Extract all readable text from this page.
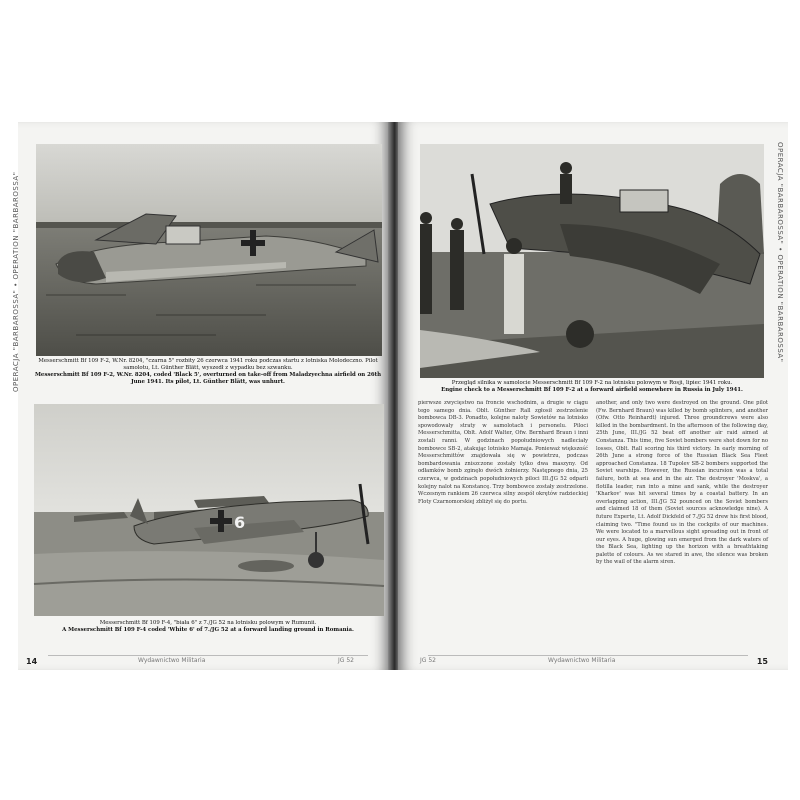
OPERACJA "BARBAROSSA" • OPERATION "BARBAROSSA"	Messerschmitt Bf 109 F-2, W.Nr. 8204, "czarna 5" rozbity 26 czerwca 1941 roku podczas startu z lotniska Molodeczno. Pilot samolotu, Lt. Günther Blätt, wyszedł z wypadku bez szwanku.
Messerschmitt Bf 109 F-2, W.Nr. 8204, coded 'Black 5', overturned on take-off from Maladzyechna airfield on 26th June 1941. Its pilot, Lt. Günther Blätt, was unhurt.
6
Messerschmitt Bf 109 F-4, "biała 6" z 7./JG 52 na lotnisku polowym w Rumunii.
A Messerschmitt Bf 109 F-4 coded 'White 6' of 7./JG 52 at a forward landing ground in Romania.
14	Wydawnictwo Militaria	JG 52
OPERACJA "BARBAROSSA" • OPERATION "BARBAROSSA"
Przegląd silnika w samolocie Messerschmitt Bf 109 F-2 na lotnisku polowym w Rosji, lipiec 1941 roku.
Engine check to a Messerschmitt Bf 109 F-2 at a forward airfield somewhere in Russia in July 1941.

pierwsze zwycięstwo na froncie wschodnim, a drugie w ciągu tego samego dnia. Oblt. Günther Rall zgłosił zestrzelenie bombowca DB-3. Ponadto, kolejne naloty Sowietów na lotnisko spowodowały straty w samolotach i personelu. Piloci Messerschmitta, Oblt. Adolf Walter, Ofw. Bernhard Braun i inni zostali ranni. W godzinach popołudniowych nadleciały bombowce SB-2, atakując lotnisko Mamaja. Ponieważ większość Messerschmittów znajdowała się w powietrzu, podczas bombardowania zniszczone zostały tylko dwa maszyny. Od odłamków bomb zginęło dwóch żołnierzy. Następnego dnia, 25 czerwca, w godzinach popołudniowych piloci III./JG 52 odparli kolejny nalot na Konstancę. Trzy bombowce zostały zestrzelone. Wczesnym rankiem 26 czerwca silny zespół okrętów radzieckiej Floty Czarnomorskiej zbliżył się do portu.

another, and only two were destroyed on the ground. One pilot (Fw. Bernhard Braun) was killed by bomb splinters, and another (Ofw. Otto Reinhardt) injured. Three groundcrews were also killed in the bombardment. In the afternoon of the following day, 25th June, III./JG 52 beat off another air raid aimed at Constanza. This time, five Soviet bombers were shot down for no losses, Oblt. Rall scoring his third victory. In early morning of 26th June a strong force of the Russian Black Sea Fleet approached Constanza. 18 Tupolev SB-2 bombers supported the Soviet warships. However, the Russian incursion was a total failure, both at sea and in the air. The destroyer 'Moskva', a flotilla leader, ran into a mine and sank, while the destroyer 'Kharkov' was hit several times by a coastal battery. In an overlapping action, III./JG 52 pounced on the Soviet bombers and claimed 18 of them (Soviet sources acknowledge nine). A future Experte, Lt. Adolf Dickfeld of 7./JG 52 drew his first blood, claiming two. "Time found us in the cockpits of our machines. We were located to a marvellous sight spreading out in front of our eyes. A huge, glowing sun emerged from the dark waters of the Black Sea, lighting up the horizon with a breathtaking palette of colours. As we stared in awe, the silence was broken by the wail of the alarm siren.

JG 52	Wydawnictwo Militaria	15
